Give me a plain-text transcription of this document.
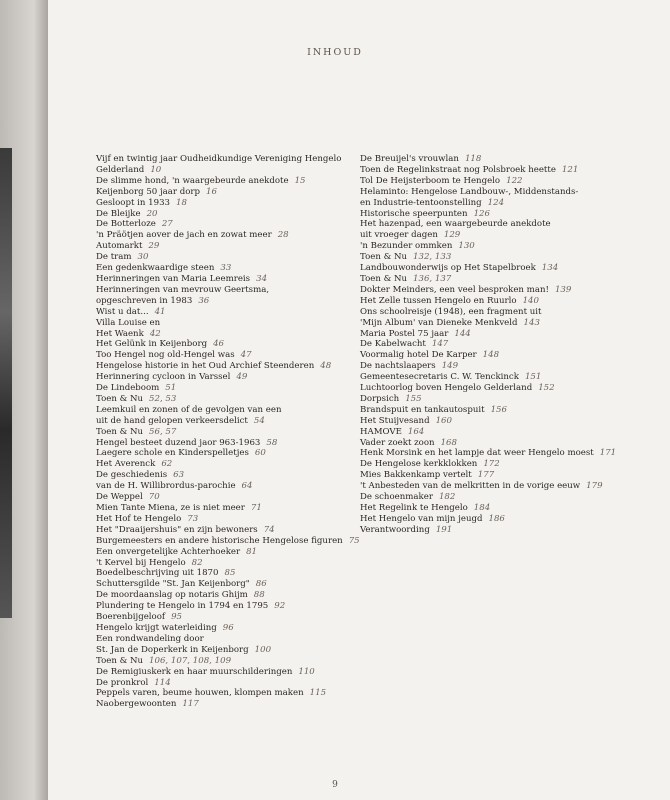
INHOUD
Vijf en twintig jaar Oudheidkundige Vereniging Hengelo
Gelderland 10
De slimme hond, 'n waargebeurde anekdote 15
Keijenborg 50 jaar dorp 16
Gesloopt in 1933 18
De Bleijke 20
De Botterloze 27
'n Präötjen aover de jach en zowat meer 28
Automarkt 29
De tram 30
Een gedenkwaardige steen 33
Herinneringen van Maria Leemreis 34
Herinneringen van mevrouw Geertsma,
opgeschreven in 1983 36
Wist u dat... 41
Villa Louise en
Het Waenk 42
Het Gelünk in Keijenborg 46
Too Hengel nog old-Hengel was 47
Hengelose historie in het Oud Archief Steenderen 48
Herinnering cycloon in Varssel 49
De Lindeboom 51
Toen & Nu 52, 53
Leemkuil en zonen of de gevolgen van een
uit de hand gelopen verkeersdelict 54
Toen & Nu 56, 57
Hengel besteet duzend jaor 963-1963 58
Laegere schole en Kinderspelletjes 60
Het Averenck 62
De geschiedenis 63
van de H. Willibrordus-parochie 64
De Weppel 70
Mien Tante Miena, ze is niet meer 71
Het Hof te Hengelo 73
Het "Draaijershuis" en zijn bewoners 74
Burgemeesters en andere historische Hengelose figuren 75
Een onvergetelijke Achterhoeker 81
't Kervel bij Hengelo 82
Boedelbeschrijving uit 1870 85
Schuttersgilde "St. Jan Keijenborg" 86
De moordaanslag op notaris Ghijm 88
Plundering te Hengelo in 1794 en 1795 92
Boerenbijgeloof 95
Hengelo krijgt waterleiding 96
Een rondwandeling door
St. Jan de Doperkerk in Keijenborg 100
Toen & Nu 106, 107, 108, 109
De Remigiuskerk en haar muurschilderingen 110
De pronkrol 114
Peppels varen, beume houwen, klompen maken 115
Naobergewoonten 117
De Breuijel's vrouwlan 118
Toen de Regelinkstraat nog Polsbroek heette 121
Tol De Heijsterboom te Hengelo 122
Helaminto: Hengelose Landbouw-, Middenstands-
en Industrie-tentoonstelling 124
Historische speerpunten 126
Het hazenpad, een waargebeurde anekdote
uit vroeger dagen 129
'n Bezunder ommken 130
Toen & Nu 132, 133
Landbouwonderwijs op Het Stapelbroek 134
Toen & Nu 136, 137
Dokter Meinders, een veel besproken man! 139
Het Zelle tussen Hengelo en Ruurlo 140
Ons schoolreisje (1948), een fragment uit
'Mijn Album' van Dieneke Menkveld 143
Maria Postel 75 jaar 144
De Kabelwacht 147
Voormalig hotel De Karper 148
De nachtslaapers 149
Gemeentesecretaris C. W. Tenckinck 151
Luchtoorlog boven Hengelo Gelderland 152
Dorpsich 155
Brandspuit en tankautospuit 156
Het Stuijvesand 160
HAMOVE 164
Vader zoekt zoon 168
Henk Morsink en het lampje dat weer Hengelo moest 171
De Hengelose kerkklokken 172
Mies Bakkenkamp vertelt 177
't Anbesteden van de melkritten in de vorige eeuw 179
De schoenmaker 182
Het Regelink te Hengelo 184
Het Hengelo van mijn jeugd 186
Verantwoording 191
9
